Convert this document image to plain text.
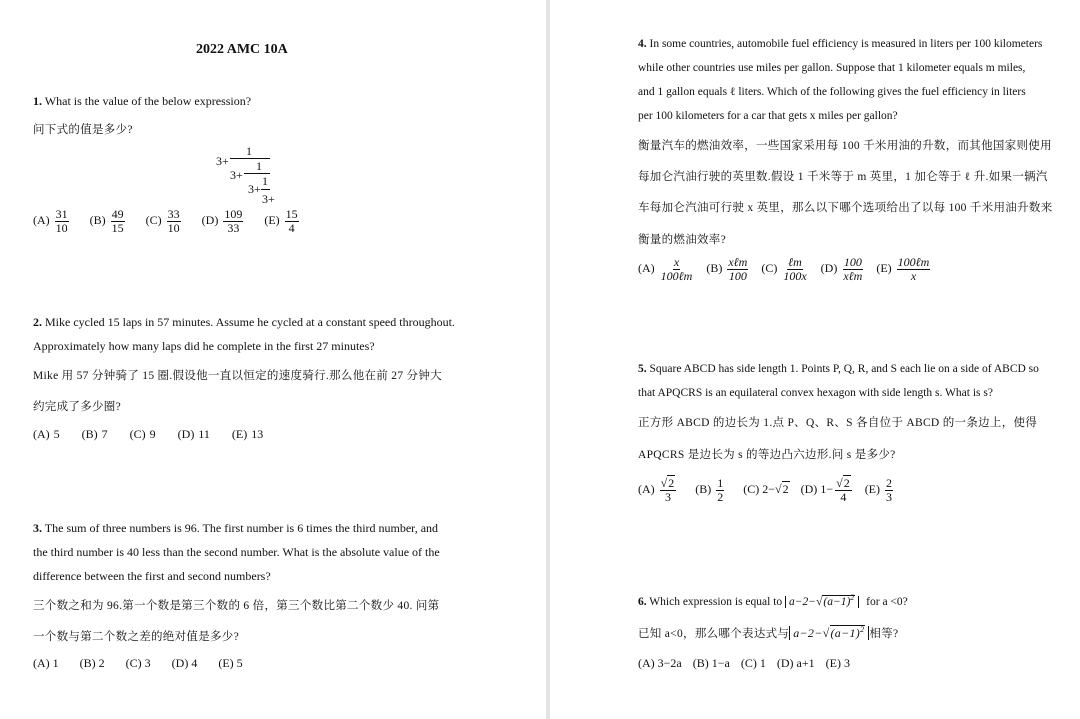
2022 AMC 10A
1. What is the value of the below expression?
问下式的值是多少?
3+
1
3+
1
3+
1
3+
$(A) \frac{31}{10} (B) \frac{49}{15} (C) \frac{33}{10} (D) \frac{109}{33} (E) \frac{15}{4}$
2. Mike cycled 15 laps in 57 minutes. Assume he cycled at a constant speed throughout.
Approximately how many laps did he complete in the first 27 minutes?
Mike 用 57 分钟骑了 15 圈.假设他一直以恒定的速度骑行.那么他在前 27 分钟大
约完成了多少圈?
(A) 5 (B) 7 (C) 9 (D) 11 (E) 13
3. The sum of three numbers is 96. The first number is 6 times the third number, and
the third number is 40 less than the second number. What is the absolute value of the
difference between the first and second numbers?
三个数之和为 96.第一个数是第三个数的 6 倍，第三个数比第二个数少 40. 问第
一个数与第二个数之差的绝对值是多少?
(A) 1 (B) 2 (C) 3 (D) 4 (E) 5
4. In some countries, automobile fuel efficiency is measured in liters per 100 kilometers
while other countries use miles per gallon. Suppose that 1 kilometer equals m miles,
and 1 gallon equals ℓ liters. Which of the following gives the fuel efficiency in liters
per 100 kilometers for a car that gets x miles per gallon?
衡量汽车的燃油效率，一些国家采用每 100 千米用油的升数，而其他国家则使用
每加仑汽油行驶的英里数.假设 1 千米等于 m 英里，1 加仑等于 ℓ 升.如果一辆汽
车每加仑汽油可行驶 x 英里，那么以下哪个选项给出了以每 100 千米用油升数来
衡量的燃油效率?
$(A) \frac{x}{\text{100ℓm}} (B) \frac{\text{xℓm}}{100} (C) \frac{\text{ℓm}}{100x} (D) \frac{100}{\text{xℓm}} (E) \frac{\text{100ℓm}}{x}$
5. Square ABCD has side length 1. Points P, Q, R, and S each lie on a side of ABCD so
that APQCRS is an equilateral convex hexagon with side length s. What is s?
正方形 ABCD 的边长为 1.点 P、Q、R、S 各自位于 ABCD 的一条边上，使得
APQCRS 是边长为 s 的等边凸六边形.问 s 是多少?
$(A) \frac{√2}{3} (B) \frac{1}{2} (C)$ 2−√2 (D) $1- \frac{√2}{4} (E) \frac{2}{3}$
6. Which expression is equal to $a-2-√(a-1)^2$ for a <0?
已知 a<0，那么哪个表达式与 $a-2-√(a-1)^2$ 相等?
(A) 3−2a (B) 1−a (C) 1 (D) a+1 (E) 3
